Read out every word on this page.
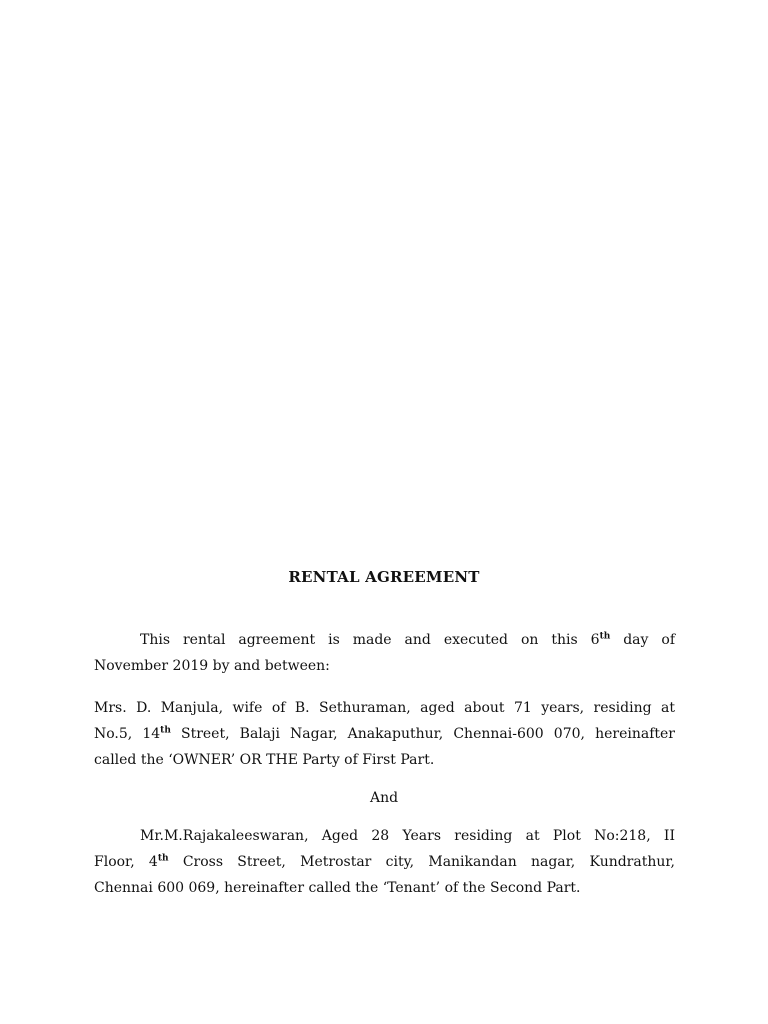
RENTAL AGREEMENT
This rental agreement is made and executed on this 6th day of
November 2019 by and between:
Mrs. D. Manjula, wife of B. Sethuraman, aged about 71 years, residing at
No.5, 14th Street, Balaji Nagar, Anakaputhur, Chennai-600 070, hereinafter
called the ‘OWNER’ OR THE Party of First Part.
And
Mr.M.Rajakaleeswaran, Aged 28 Years residing at Plot No:218, II
Floor, 4th Cross Street, Metrostar city, Manikandan nagar, Kundrathur,
Chennai 600 069, hereinafter called the ‘Tenant’ of the Second Part.
